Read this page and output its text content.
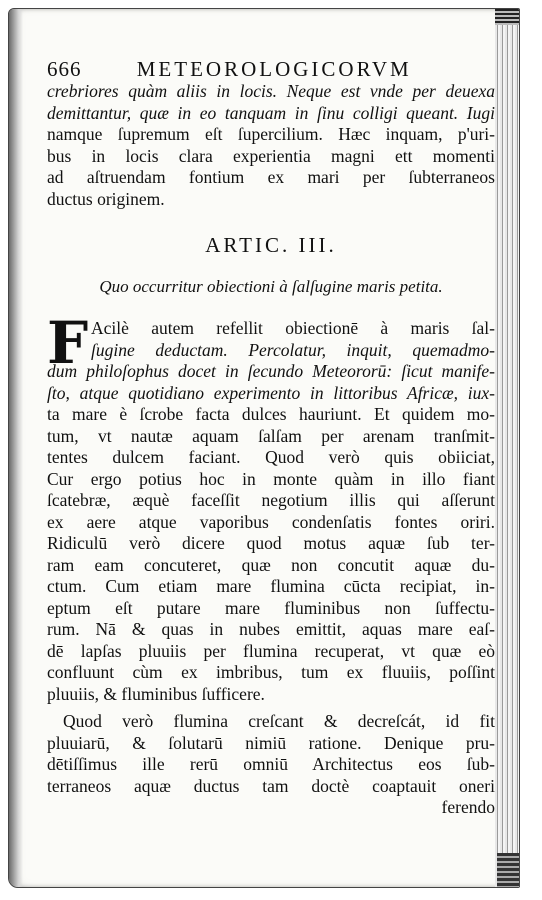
666	METEOROLOGICORVM
crebriores quàm aliis in locis. Neque est vnde per deuexa
demittantur, quæ in eo tanquam in ſinu colligi queant. Iugi
namque ſupremum eſt ſupercilium. Hæc inquam, p'uri-
bus in locis clara experientia magni ett momenti
ad aſtruendam fontium ex mari per ſubterraneos
ductus originem.
ARTIC. III.
Quo occurritur obiectioni à ſalſugine maris petita.
F Acilè autem refellit obiectionē à maris ſal-
ſugine deductam. Percolatur, inquit, quemadmo-
dum philoſophus docet in ſecundo Meteororū: ſicut manife-
ſto, atque quotidiano experimento in littoribus Africæ, iux-
ta mare è ſcrobe facta dulces hauriunt. Et quidem mo-
tum, vt nautæ aquam ſalſam per arenam tranſmit-
tentes dulcem faciant. Quod verò quis obiiciat,
Cur ergo potius hoc in monte quàm in illo fiant
ſcatebræ, æquè faceſſit negotium illis qui aſſerunt
ex aere atque vaporibus condenſatis fontes oriri.
Ridiculū verò dicere quod motus aquæ ſub ter-
ram eam concuteret, quæ non concutit aquæ du-
ctum. Cum etiam mare flumina cūcta recipiat, in-
eptum eſt putare mare fluminibus non ſuffectu-
rum. Nā & quas in nubes emittit, aquas mare eaſ-
dē lapſas pluuiis per flumina recuperat, vt quæ eò
confluunt cùm ex imbribus, tum ex fluuiis, poſſint
pluuiis, & fluminibus ſufficere.
Quod verò flumina creſcant & decreſcát, id fit
pluuiarū, & ſolutarū nimiū ratione. Denique pru-
dētiſſimus ille rerū omniū Architectus eos ſub-
terraneos aquæ ductus tam doctè coaptauit oneri
ferendo
